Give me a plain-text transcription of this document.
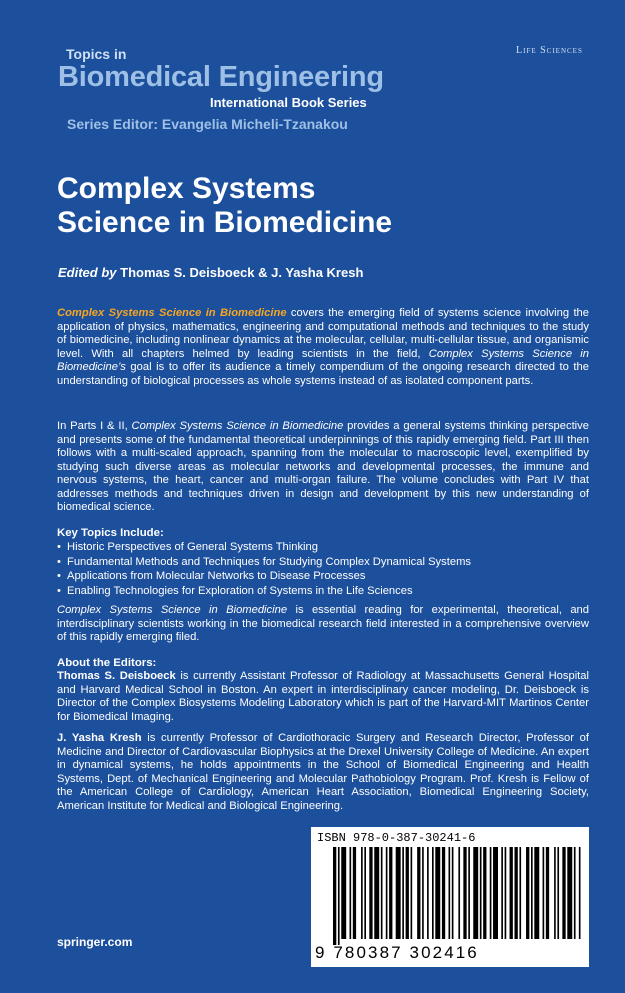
Topics in
Biomedical Engineering
International Book Series
Series Editor: Evangelia Micheli-Tzanakou
Life Sciences
Complex Systems
Science in Biomedicine
Edited by Thomas S. Deisboeck & J. Yasha Kresh
Complex Systems Science in Biomedicine covers the emerging field of systems science involving the application of physics, mathematics, engineering and computational methods and techniques to the study of biomedicine, including nonlinear dynamics at the molecular, cellular, multi-cellular tissue, and organismic level. With all chapters helmed by leading scientists in the field, Complex Systems Science in Biomedicine’s goal is to offer its audience a timely compendium of the ongoing research directed to the understanding of biological processes as whole systems instead of as isolated component parts.
In Parts I & II, Complex Systems Science in Biomedicine provides a general systems thinking perspective and presents some of the fundamental theoretical underpinnings of this rapidly emerging field. Part III then follows with a multi-scaled approach, spanning from the molecular to macroscopic level, exemplified by studying such diverse areas as molecular networks and developmental processes, the immune and nervous systems, the heart, cancer and multi-organ failure. The volume concludes with Part IV that addresses methods and techniques driven in design and development by this new understanding of biomedical science.
Key Topics Include:
• Historic Perspectives of General Systems Thinking
• Fundamental Methods and Techniques for Studying Complex Dynamical Systems
• Applications from Molecular Networks to Disease Processes
• Enabling Technologies for Exploration of Systems in the Life Sciences
Complex Systems Science in Biomedicine is essential reading for experimental, theoretical, and interdisciplinary scientists working in the biomedical research field interested in a comprehensive overview of this rapidly emerging filed.
About the Editors:
Thomas S. Deisboeck is currently Assistant Professor of Radiology at Massachusetts General Hospital and Harvard Medical School in Boston. An expert in interdisciplinary cancer modeling, Dr. Deisboeck is Director of the Complex Biosystems Modeling Laboratory which is part of the Harvard-MIT Martinos Center for Biomedical Imaging.
J. Yasha Kresh is currently Professor of Cardiothoracic Surgery and Research Director, Professor of Medicine and Director of Cardiovascular Biophysics at the Drexel University College of Medicine. An expert in dynamical systems, he holds appointments in the School of Biomedical Engineering and Health Systems, Dept. of Mechanical Engineering and Molecular Pathobiology Program. Prof. Kresh is Fellow of the American College of Cardiology, American Heart Association, Biomedical Engineering Society, American Institute for Medical and Biological Engineering.
springer.com
ISBN 978-0-387-30241-6
9 780387 302416
